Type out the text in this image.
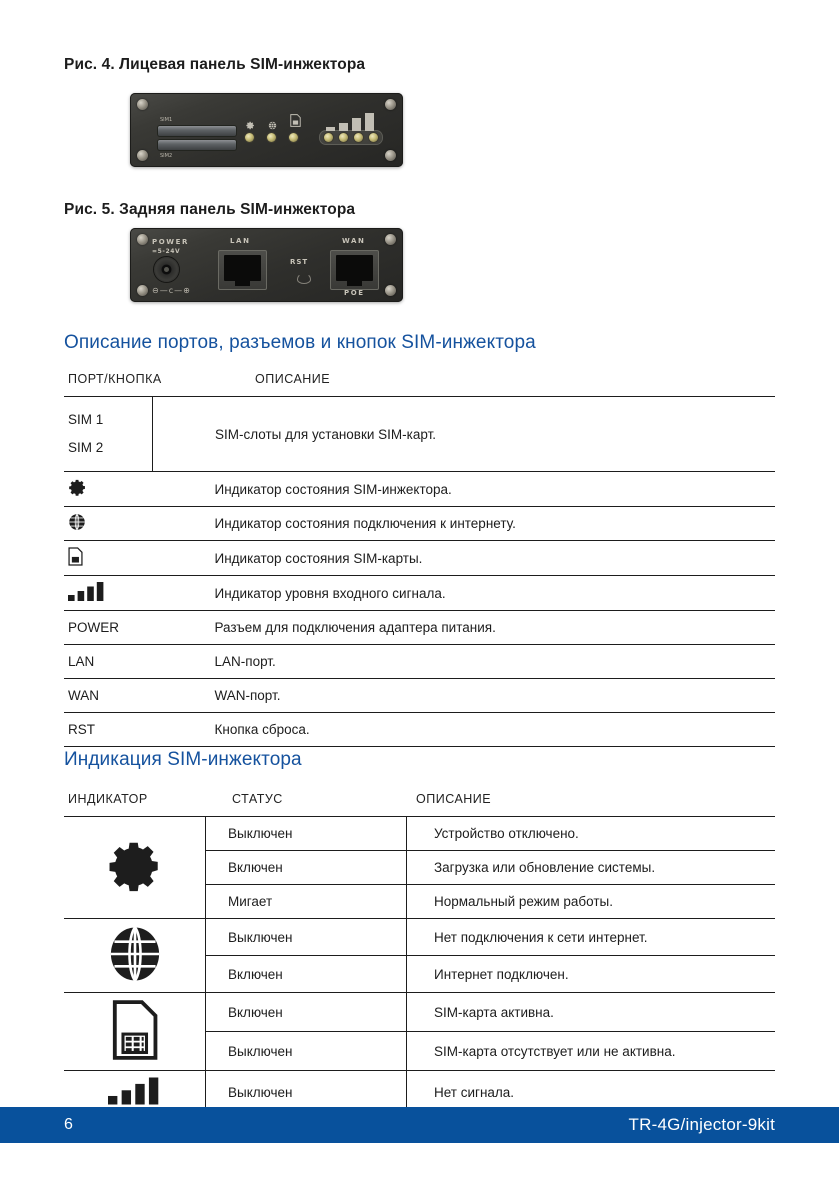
Рис. 4. Лицевая панель SIM-инжектора
SIM1
SIM2
Рис. 5. Задняя панель SIM-инжектора
POWER
=5-24V
⊖—ᴄ—⊕
LAN
RST
WAN
POE
Описание портов, разъемов и кнопок SIM-инжектора
ПОРТ/КНОПКА	ОПИСАНИЕ
SIM 1
SIM 2	SIM-слоты для установки SIM-карт.
	Индикатор состояния SIM-инжектора.
	Индикатор состояния подключения к интернету.
	Индикатор состояния SIM-карты.
	Индикатор уровня входного сигнала.
POWER	Разъем для подключения адаптера питания.
LAN	LAN-порт.
WAN	WAN-порт.
RST	Кнопка сброса.
Индикация SIM-инжектора
ИНДИКАТОР	СТАТУС	ОПИСАНИЕ
	Выключен	Устройство отключено.
	Включен	Загрузка или обновление системы.
	Мигает	Нормальный режим работы.
	Выключен	Нет подключения к сети интернет.
	Включен	Интернет подключен.
	Включен	SIM-карта активна.
	Выключен	SIM-карта отсутствует или не активна.
	Выключен	Нет сигнала.
6	TR-4G/injector-9kit
